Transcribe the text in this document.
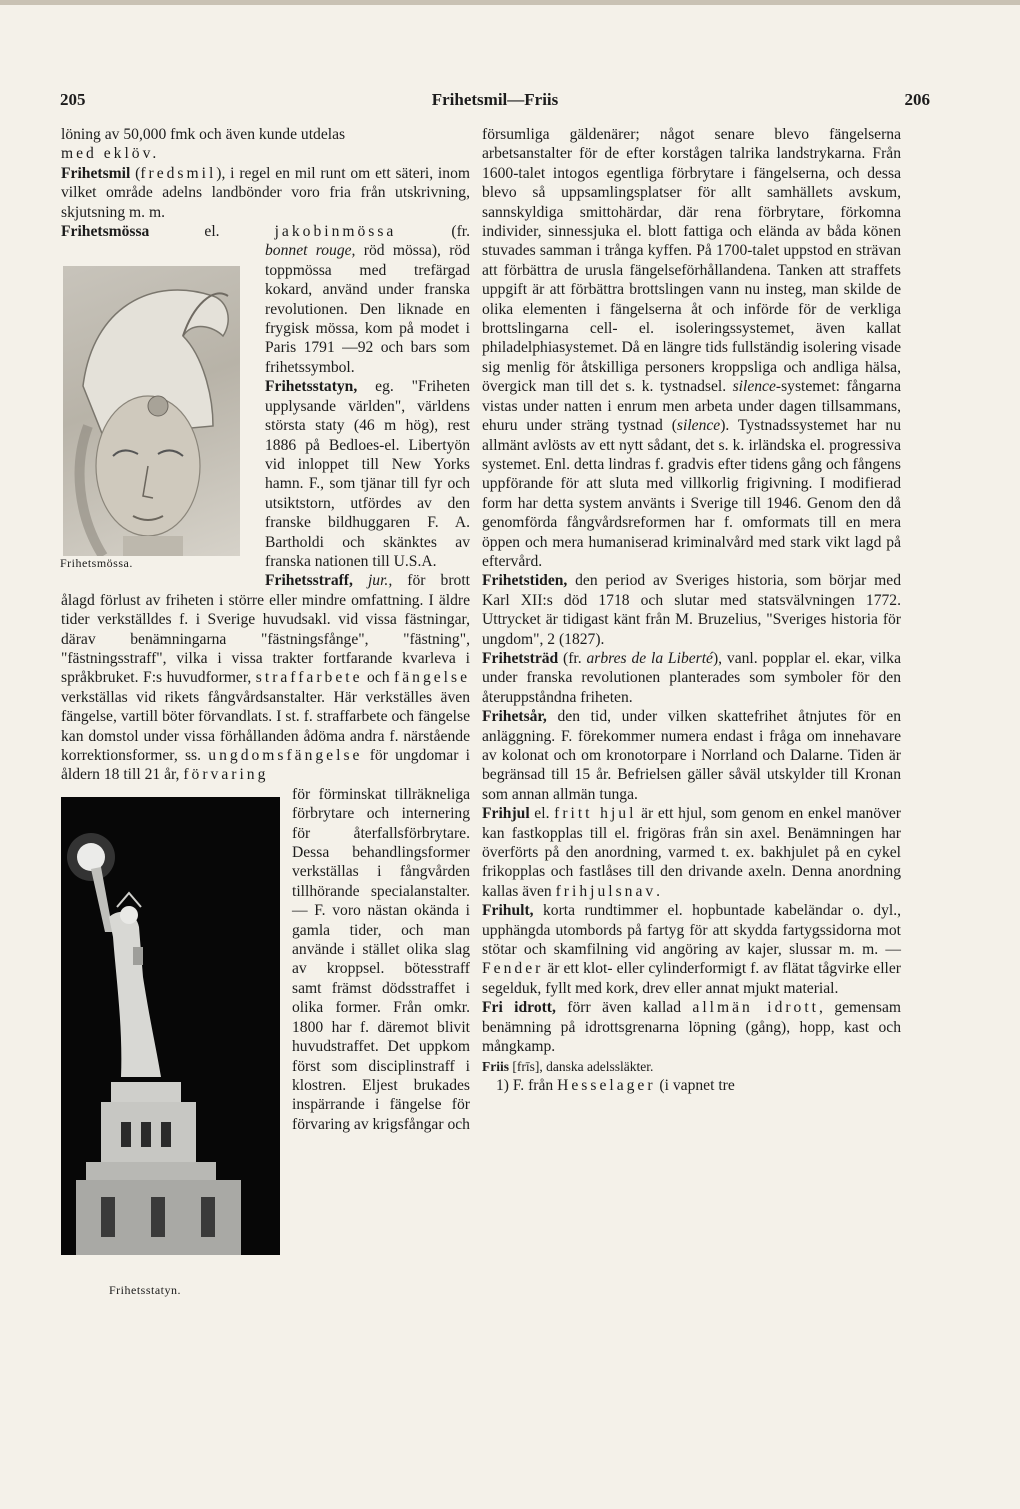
Frihetsmil—Friis
205	206

löning av 50,000 fmk och även kunde utdelas
med eklöv.

Frihetsmil (fredsmil), i regel en mil runt om ett säteri, inom vilket område adelns landbönder voro fria från utskrivning, skjutsning m. m.

Frihetsmössa el. jakobinmössa (fr.

Frihetsmössa.

bonnet rouge, röd mössa), röd toppmössa med trefärgad kokard, använd under franska revolutionen. Den liknade en frygisk mössa, kom på modet i Paris 1791 —92 och bars som frihetssymbol.

Frihetsstatyn, eg. "Friheten upplysande världen", världens största staty (46 m hög), rest 1886 på Bedloes-el. Libertyön vid inloppet till New Yorks hamn. F., som tjänar till fyr och utsiktstorn, utfördes av den franske bildhuggaren F. A. Bartholdi och skänktes av franska nationen till U.S.A.

Frihetsstraff, jur., för brott ålagd förlust av friheten i större eller mindre omfattning. I äldre tider verkställdes f. i Sverige huvudsakl. vid vissa fästningar, därav benämningarna "fästningsfånge", "fästning", "fästningsstraff", vilka i vissa trakter fortfarande kvarleva i språkbruket. F:s huvudformer, straffarbete och fängelse verkställas vid rikets fångvårdsanstalter. Här verkställes även fängelse, vartill böter förvandlats. I st. f. straffarbete och fängelse kan domstol under vissa förhållanden ådöma andra f. närstående korrektionsformer, ss. ungdomsfängelse för ungdomar i åldern 18 till 21 år, förvaring

Frihetsstatyn.

för förminskat tillräkneliga förbrytare och internering för återfallsförbrytare. Dessa behandlingsformer verkställas i fångvården tillhörande specialanstalter. — F. voro nästan okända i gamla tider, och man använde i stället olika slag av kroppsel. bötesstraff samt främst dödsstraffet i olika former. Från omkr. 1800 har f. däremot blivit huvudstraffet. Det uppkom först som disciplinstraff i klostren. Eljest brukades inspärrande i fängelse för förvaring av krigsfångar och

försumliga gäldenärer; något senare blevo fängelserna arbetsanstalter för de efter korstågen talrika landstrykarna. Från 1600-talet intogos egentliga förbrytare i fängelserna, och dessa blevo så uppsamlingsplatser för allt samhällets avskum, sannskyldiga smittohärdar, där rena förbrytare, förkomna individer, sinnessjuka el. blott fattiga och eländа av båda könen stuvades samman i trånga kyffen. På 1700-talet uppstod en strävan att förbättra de urusla fängelseförhållandena. Tanken att straffets uppgift är att förbättra brottslingen vann nu insteg, man skilde de olika elementen i fängelserna åt och införde för de verkliga brottslingarna cell- el. isoleringssystemet, även kallat philadelphiasystemet. Då en längre tids fullständig isolering visade sig menlig för åtskilliga personers kroppsliga och andliga hälsa, övergick man till det s. k. tystnadsel. silence-systemet: fångarna vistas under natten i enrum men arbeta under dagen tillsammans, ehuru under sträng tystnad (silence). Tystnadssystemet har nu allmänt avlösts av ett nytt sådant, det s. k. irländska el. progressiva systemet. Enl. detta lindras f. gradvis efter tidens gång och fångens uppförande för att sluta med villkorlig frigivning. I modifierad form har detta system använts i Sverige till 1946. Genom den då genomförda fångvårdsreformen har f. omformats till en mera öppen och mera humaniserad kriminalvård med stark vikt lagd på eftervård.

Frihetstiden, den period av Sveriges historia, som börjar med Karl XII:s död 1718 och slutar med statsvälvningen 1772. Uttrycket är tidigast känt från M. Bruzelius, "Sveriges historia för ungdom", 2 (1827).

Frihetsträd (fr. arbres de la Liberté), vanl. popplar el. ekar, vilka under franska revolutionen planterades som symboler för den återuppståndna friheten.

Frihetsår, den tid, under vilken skattefrihet åtnjutes för en anläggning. F. förekommer numera endast i fråga om innehavare av kolonat och om kronotorpare i Norrland och Dalarne. Tiden är begränsad till 15 år. Befrielsen gäller såväl utskylder till Kronan som annan allmän tunga.

Frihjul el. fritt hjul är ett hjul, som genom en enkel manöver kan fastkopplas till el. frigöras från sin axel. Benämningen har överförts på den anordning, varmed t. ex. bakhjulet på en cykel frikopplas och fastlåses till den drivande axeln. Denna anordning kallas även frihjulsnav.

Frihult, korta rundtimmer el. hopbuntade kabeländar o. dyl., upphängda utombords på fartyg för att skydda fartygssidorna mot stötar och skamfilning vid angöring av kajer, slussar m. m. — Fender är ett klot- eller cylinderformigt f. av flätat tågvirke eller segelduk, fyllt med kork, drev eller annat mjukt material.

Fri idrott, förr även kallad allmän idrott, gemensam benämning på idrottsgrenarna löpning (gång), hopp, kast och mångkamp.

Friis [frīs], danska adelssläkter.

1) F. från Hesselager (i vapnet tre
